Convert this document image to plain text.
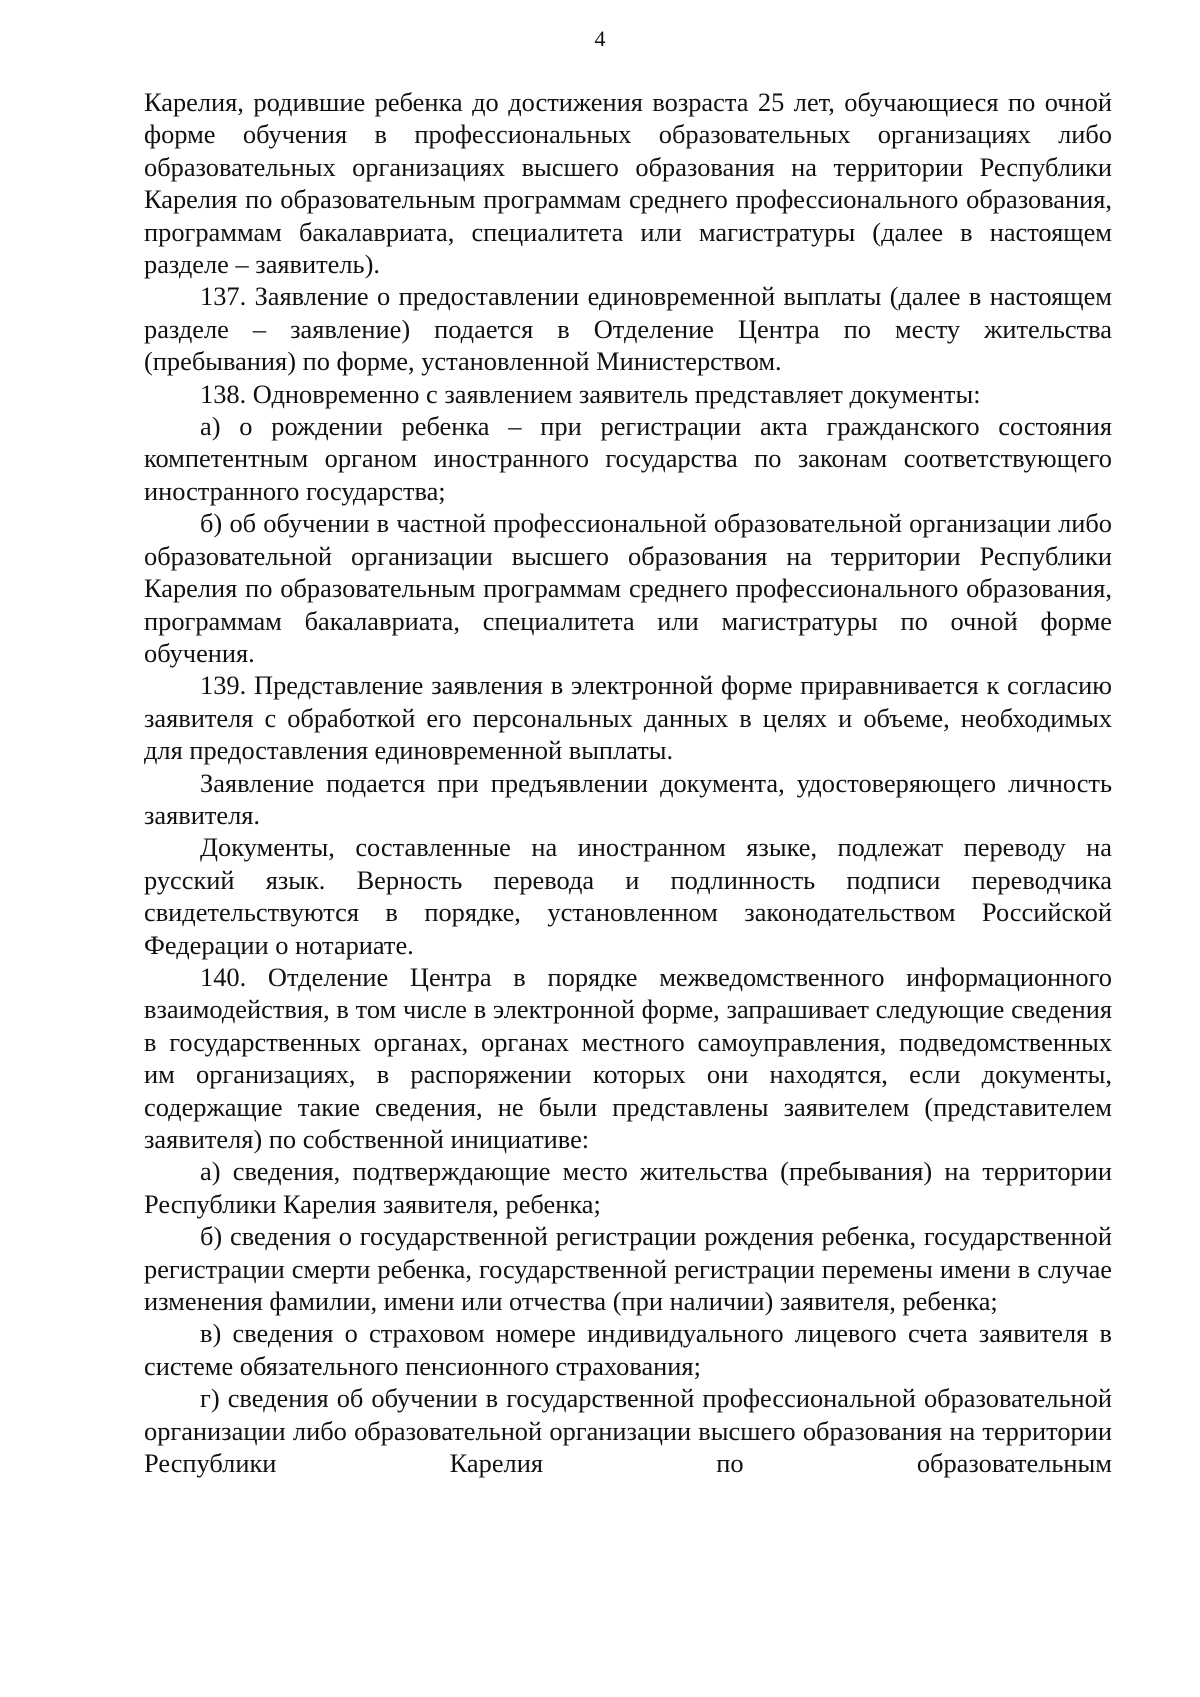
4

Карелия, родившие ребенка до достижения возраста 25 лет, обучающиеся по очной форме обучения в профессиональных образовательных организациях либо образовательных организациях высшего образования на территории Республики Карелия по образовательным программам среднего профессионального образования, программам бакалавриата, специалитета или магистратуры (далее в настоящем разделе – заявитель).

137. Заявление о предоставлении единовременной выплаты (далее в настоящем разделе – заявление) подается в Отделение Центра по месту жительства (пребывания) по форме, установленной Министерством.

138. Одновременно с заявлением заявитель представляет документы:

а) о рождении ребенка – при регистрации акта гражданского состояния компетентным органом иностранного государства по законам соответствующего иностранного государства;

б) об обучении в частной профессиональной образовательной организации либо образовательной организации высшего образования на территории Республики Карелия по образовательным программам среднего профессионального образования, программам бакалавриата, специалитета или магистратуры по очной форме обучения.

139. Представление заявления в электронной форме приравнивается к согласию заявителя с обработкой его персональных данных в целях и объеме, необходимых для предоставления единовременной выплаты.

Заявление подается при предъявлении документа, удостоверяющего личность заявителя.

Документы, составленные на иностранном языке, подлежат переводу на русский язык. Верность перевода и подлинность подписи переводчика свидетельствуются в порядке, установленном законодательством Российской Федерации о нотариате.

140. Отделение Центра в порядке межведомственного информационного взаимодействия, в том числе в электронной форме, запрашивает следующие сведения в государственных органах, органах местного самоуправления, подведомственных им организациях, в распоряжении которых они находятся, если документы, содержащие такие сведения, не были представлены заявителем (представителем заявителя) по собственной инициативе:

а) сведения, подтверждающие место жительства (пребывания) на территории Республики Карелия заявителя, ребенка;

б) сведения о государственной регистрации рождения ребенка, государственной регистрации смерти ребенка, государственной регистрации перемены имени в случае изменения фамилии, имени или отчества (при наличии) заявителя, ребенка;

в) сведения о страховом номере индивидуального лицевого счета заявителя в системе обязательного пенсионного страхования;

г) сведения об обучении в государственной профессиональной образовательной организации либо образовательной организации высшего образования на территории Республики Карелия по образовательным
